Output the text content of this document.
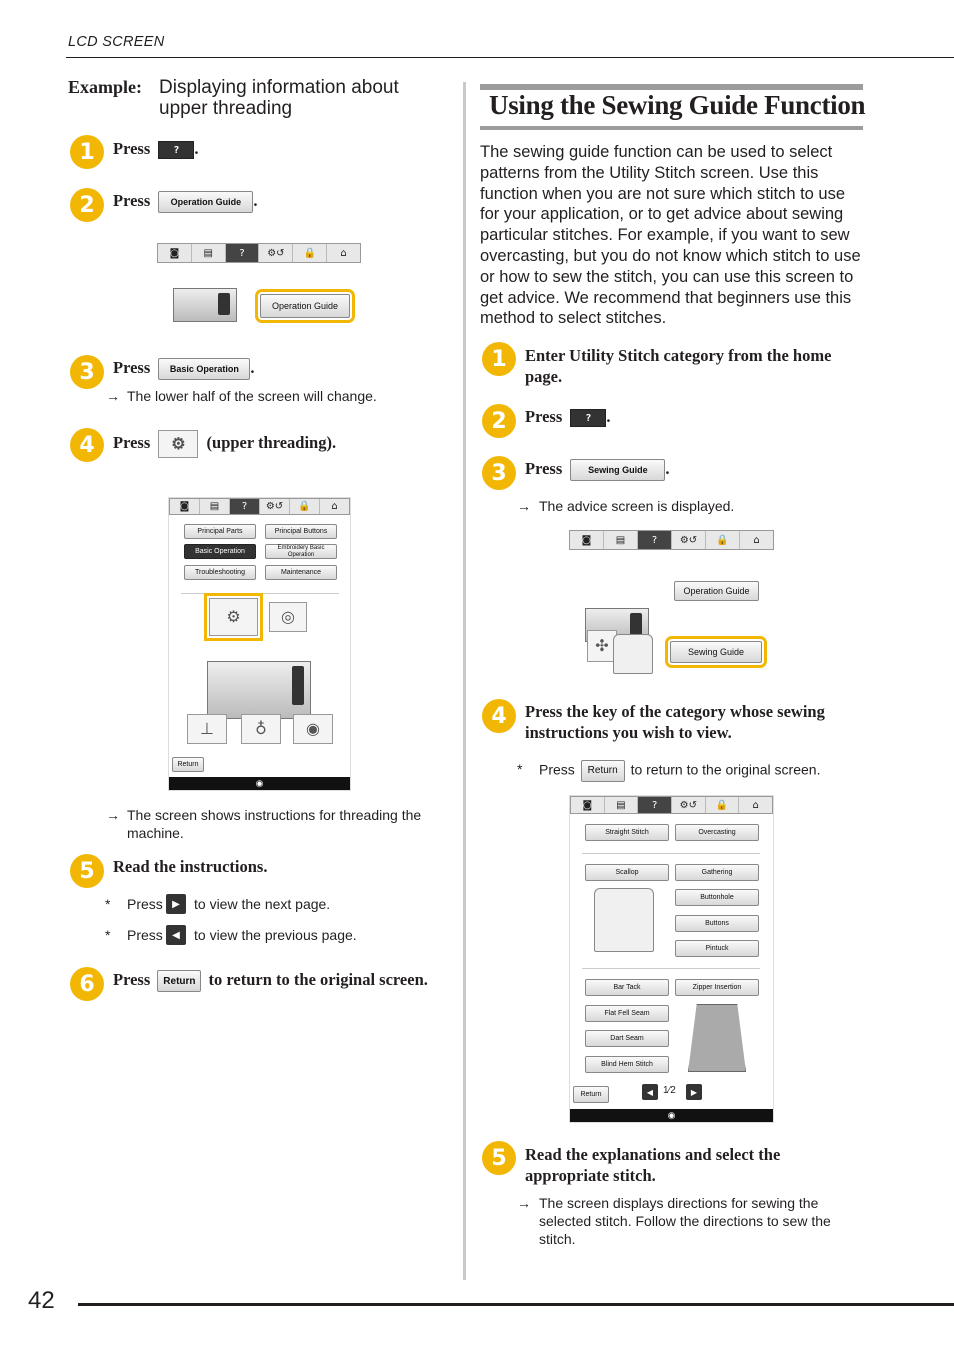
LCD SCREEN
Example: Displaying information about upper threading
1	Press ? .
2	Press Operation Guide .
◙	▤	?	⚙↺	🔒	⌂
Operation Guide
3	Press Basic Operation .
→ The lower half of the screen will change.
4	Press ⚙ (upper threading).
◙	▤	?	⚙↺	🔒	⌂
Principal Parts	Principal Buttons
Basic Operation
Embroidery Basic Operation
Troubleshooting	Maintenance
⚙	◎
⊥	♁	◉
Return
◉
→ The screen shows instructions for threading the machine.
5	Read the instructions.
* Press ▶	to view the next page.
* Press ◀	to view the previous page.
6	Press Return to return to the original screen.
Using the Sewing Guide Function
The sewing guide function can be used to select patterns from the Utility Stitch screen. Use this function when you are not sure which stitch to use for your application, or to get advice about sewing particular stitches. For example, if you want to sew overcasting, but you do not know which stitch to use or how to sew the stitch, you can use this screen to get advice. We recommend that beginners use this method to select stitches.
1	Enter Utility Stitch category from the home page.
2	Press ? .
3	Press	Sewing Guide .
→ The advice screen is displayed.
◙	▤	?	⚙↺	🔒	⌂
Operation Guide
✣	Sewing Guide
4	Press the key of the category whose sewing instructions you wish to view.
* Press Return to return to the original screen.
◙	▤	?	⚙↺	🔒	⌂
Straight Stitch	Overcasting
Scallop	Gathering
Buttonhole
Buttons
Pintuck
Bar Tack	Zipper Insertion
Flat Fell Seam
Dart Seam
Blind Hem Stitch
Return	◀ 1⁄2	▶
◉
5	Read the explanations and select the appropriate stitch.
→ The screen displays directions for sewing the selected stitch. Follow the directions to sew the stitch.
42
